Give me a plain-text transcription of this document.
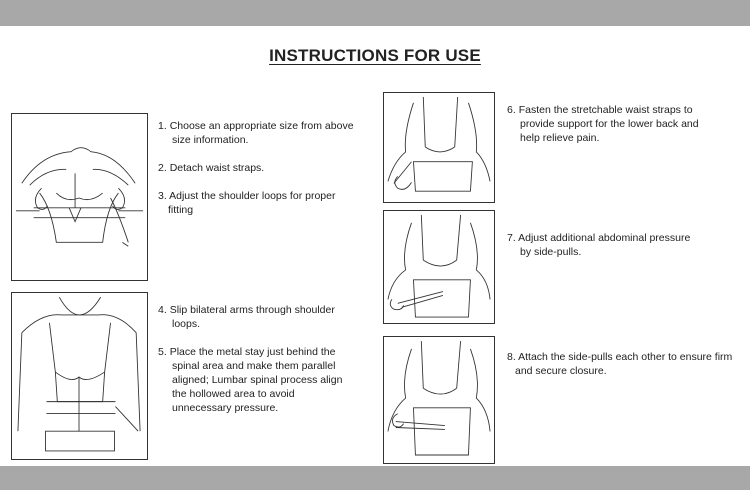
INSTRUCTIONS FOR USE
1. Choose an appropriate size from above
size information.
2. Detach waist straps.
3. Adjust the shoulder loops for proper
fitting
4. Slip bilateral arms through shoulder
loops.
5. Place the metal stay just behind the
spinal area and make them parallel
aligned; Lumbar spinal process align
the hollowed area to avoid
unnecessary pressure.
6. Fasten the stretchable waist straps to
provide support for the lower back and
help relieve pain.
7. Adjust additional abdominal pressure
by side-pulls.
8. Attach the side-pulls each other to ensure firm
and secure closure.
